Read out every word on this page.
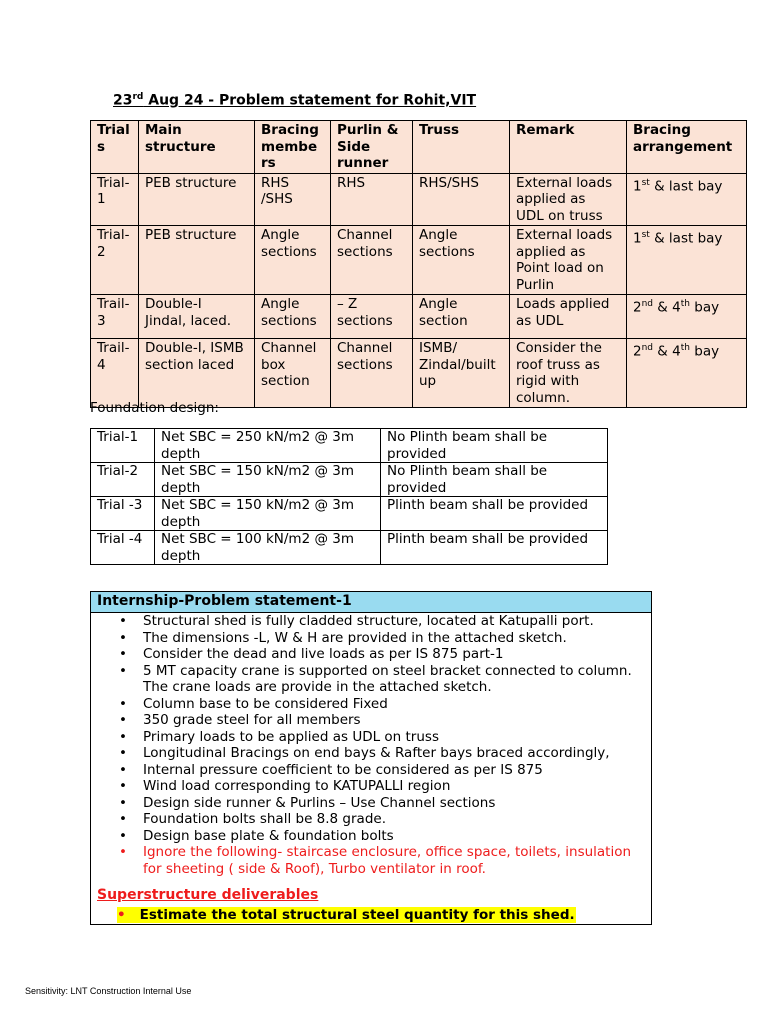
23rd Aug 24 - Problem statement for Rohit,VIT
Trial
s	Main
structure	Bracing
membe
rs	Purlin &
Side
runner	Truss	Remark	Bracing
arrangement
Trial-
1	PEB structure	RHS
/SHS	RHS	RHS/SHS	External loads
applied as
UDL on truss	1st & last bay
Trial-
2	PEB structure	Angle
sections	Channel
sections	Angle
sections	External loads
applied as
Point load on
Purlin	1st & last bay
Trail-
3	Double-I
Jindal, laced.	Angle
sections	– Z
sections	Angle
section	Loads applied
as UDL	2nd & 4th bay
Trail-
4	Double-I, ISMB
section laced	Channel
box
section	Channel
sections	ISMB/
Zindal/built
up	Consider the
roof truss as
rigid with
column.	2nd & 4th bay
Foundation design:
Trial-1	Net SBC = 250 kN/m2 @ 3m
depth	No Plinth beam shall be
provided
Trial-2	Net SBC = 150 kN/m2 @ 3m
depth	No Plinth beam shall be
provided
Trial -3	Net SBC = 150 kN/m2 @ 3m
depth	Plinth beam shall be provided
Trial -4	Net SBC = 100 kN/m2 @ 3m
depth	Plinth beam shall be provided
Internship-Problem statement-1
• Structural shed is fully cladded structure, located at Katupalli port.
• The dimensions -L, W & H are provided in the attached sketch.
• Consider the dead and live loads as per IS 875 part-1
• 5 MT capacity crane is supported on steel bracket connected to column. The crane loads are provide in the attached sketch.
• Column base to be considered Fixed
• 350 grade steel for all members
• Primary loads to be applied as UDL on truss
• Longitudinal Bracings on end bays & Rafter bays braced accordingly,
• Internal pressure coefficient to be considered as per IS 875
• Wind load corresponding to KATUPALLI region
• Design side runner & Purlins – Use Channel sections
• Foundation bolts shall be 8.8 grade.
• Design base plate & foundation bolts
• Ignore the following- staircase enclosure, office space, toilets, insulation for sheeting ( side & Roof), Turbo ventilator in roof.
Superstructure deliverables
• Estimate the total structural steel quantity for this shed.
Sensitivity: LNT Construction Internal Use
